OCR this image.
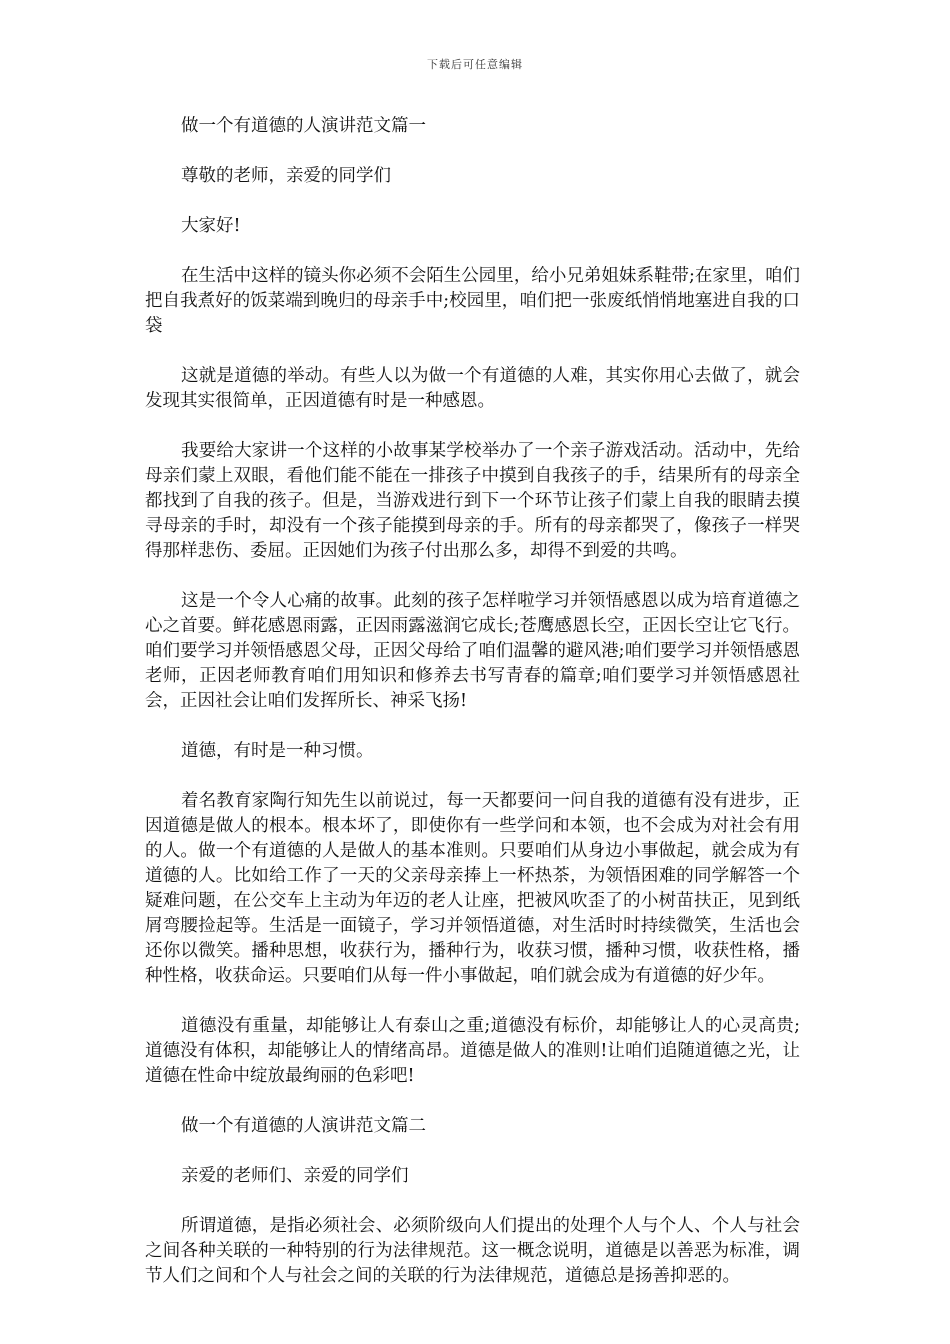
下载后可任意编辑

做一个有道德的人演讲范文篇一

尊敬的老师，亲爱的同学们

大家好!

在生活中这样的镜头你必须不会陌生公园里，给小兄弟姐妹系鞋带;在家里，咱们把自我煮好的饭菜端到晚归的母亲手中;校园里，咱们把一张废纸悄悄地塞进自我的口袋

这就是道德的举动。有些人以为做一个有道德的人难，其实你用心去做了，就会发现其实很简单，正因道德有时是一种感恩。

我要给大家讲一个这样的小故事某学校举办了一个亲子游戏活动。活动中，先给母亲们蒙上双眼，看他们能不能在一排孩子中摸到自我孩子的手，结果所有的母亲全都找到了自我的孩子。但是，当游戏进行到下一个环节让孩子们蒙上自我的眼睛去摸寻母亲的手时，却没有一个孩子能摸到母亲的手。所有的母亲都哭了，像孩子一样哭得那样悲伤、委屈。正因她们为孩子付出那么多，却得不到爱的共鸣。

这是一个令人心痛的故事。此刻的孩子怎样啦学习并领悟感恩以成为培育道德之心之首要。鲜花感恩雨露，正因雨露滋润它成长;苍鹰感恩长空，正因长空让它飞行。咱们要学习并领悟感恩父母，正因父母给了咱们温馨的避风港;咱们要学习并领悟感恩老师，正因老师教育咱们用知识和修养去书写青春的篇章;咱们要学习并领悟感恩社会，正因社会让咱们发挥所长、神采飞扬!

道德，有时是一种习惯。

着名教育家陶行知先生以前说过，每一天都要问一问自我的道德有没有进步，正因道德是做人的根本。根本坏了，即使你有一些学问和本领，也不会成为对社会有用的人。做一个有道德的人是做人的基本准则。只要咱们从身边小事做起，就会成为有道德的人。比如给工作了一天的父亲母亲捧上一杯热茶，为领悟困难的同学解答一个疑难问题，在公交车上主动为年迈的老人让座，把被风吹歪了的小树苗扶正，见到纸屑弯腰捡起等。生活是一面镜子，学习并领悟道德，对生活时时持续微笑，生活也会还你以微笑。播种思想，收获行为，播种行为，收获习惯，播种习惯，收获性格，播种性格，收获命运。只要咱们从每一件小事做起，咱们就会成为有道德的好少年。

道德没有重量，却能够让人有泰山之重;道德没有标价，却能够让人的心灵高贵;道德没有体积，却能够让人的情绪高昂。道德是做人的准则!让咱们追随道德之光，让道德在性命中绽放最绚丽的色彩吧!

做一个有道德的人演讲范文篇二

亲爱的老师们、亲爱的同学们

所谓道德，是指必须社会、必须阶级向人们提出的处理个人与个人、个人与社会之间各种关联的一种特别的行为法律规范。这一概念说明，道德是以善恶为标准，调节人们之间和个人与社会之间的关联的行为法律规范，道德总是扬善抑恶的。
